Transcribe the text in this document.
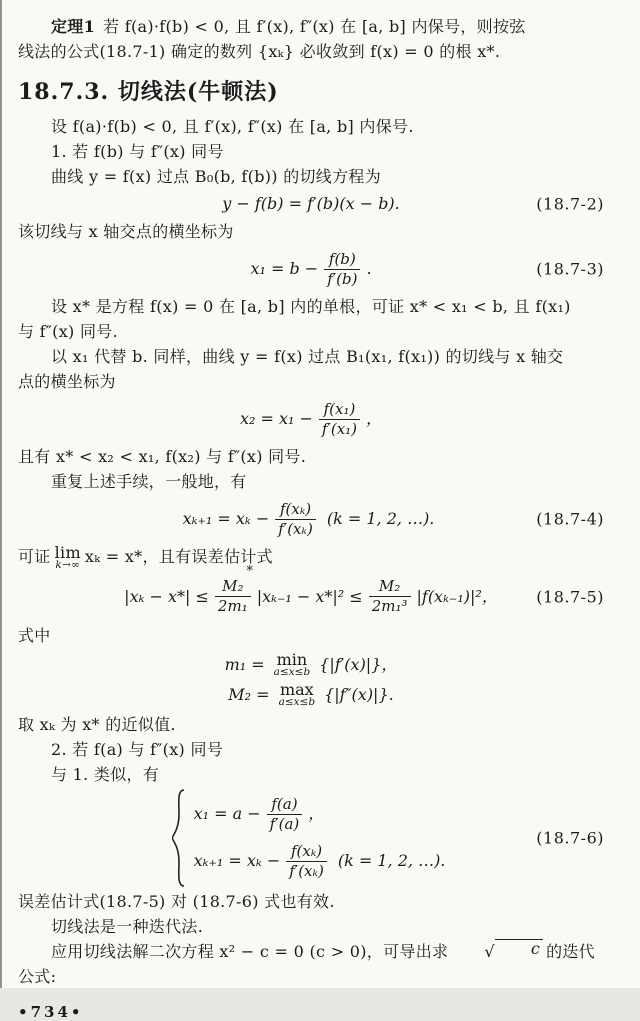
定理1 若 f(a)·f(b) < 0, 且 f′(x), f″(x) 在 [a, b] 内保号，则按弦

线法的公式(18.7-1) 确定的数列 {xₖ} 必收敛到 f(x) = 0 的根 x*.

18.7.3. 切线法(牛顿法)

设 f(a)·f(b) < 0, 且 f′(x), f″(x) 在 [a, b] 内保号.

1. 若 f(b) 与 f″(x) 同号

曲线 y = f(x) 过点 B₀(b, f(b)) 的切线方程为

y − f(b) = f′(b)(x − b).	(18.7-2)

该切线与 x 轴交点的横坐标为

$x_1 = b - \frac{f(b)}{f'(b)}$ .	(18.7-3)

设 x* 是方程 f(x) = 0 在 [a, b] 内的单根，可证 x* < x₁ < b, 且 f(x₁)

与 f″(x) 同号.

以 x₁ 代替 b. 同样，曲线 y = f(x) 过点 B₁(x₁, f(x₁)) 的切线与 x 轴交

点的横坐标为

$x_2 = x_1 - \frac{\text{f(x₁)}}{\text{f′(x₁)}}$ ，

且有 x* < x₂ < x₁, f(x₂) 与 f″(x) 同号.

重复上述手续，一般地，有

$x_{k+1} = x_k - \frac{\text{f(xₖ)}}{\text{f′(xₖ)}} (k = 1$, 2, …).	(18.7-4)

可证 lim
k→∞ xₖ = x*，且有误差估计式

*
$|x_k - x*| \le \frac{\text{M₂}}{\text{2m₁}} |x_{k-1} - x*|^2 \le \frac{\text{M₂}}{\text{2m₁³}} |f(x_{k-1})|^2$， (18.7-5)

式中

m₁ = min
a≤x≤b {|f′(x)|}，
M₂ = max
a≤x≤b {|f″(x)|}.

取 xₖ 为 x* 的近似值.

2. 若 f(a) 与 f″(x) 同号

与 1. 类似，有

$x_1 = a - \frac{f(a)}{f'(a)}$ ，
$x_{k+1} = x_k - \frac{\text{f(xₖ)}}{\text{f′(xₖ)}} (k = 1$, 2, …).
(18.7-6)

误差估计式(18.7-5) 对 (18.7-6) 式也有效.

切线法是一种迭代法.

应用切线法解二次方程 x² − c = 0 (c > 0)，可导出求	√	c 的迭代公式:

•734•
